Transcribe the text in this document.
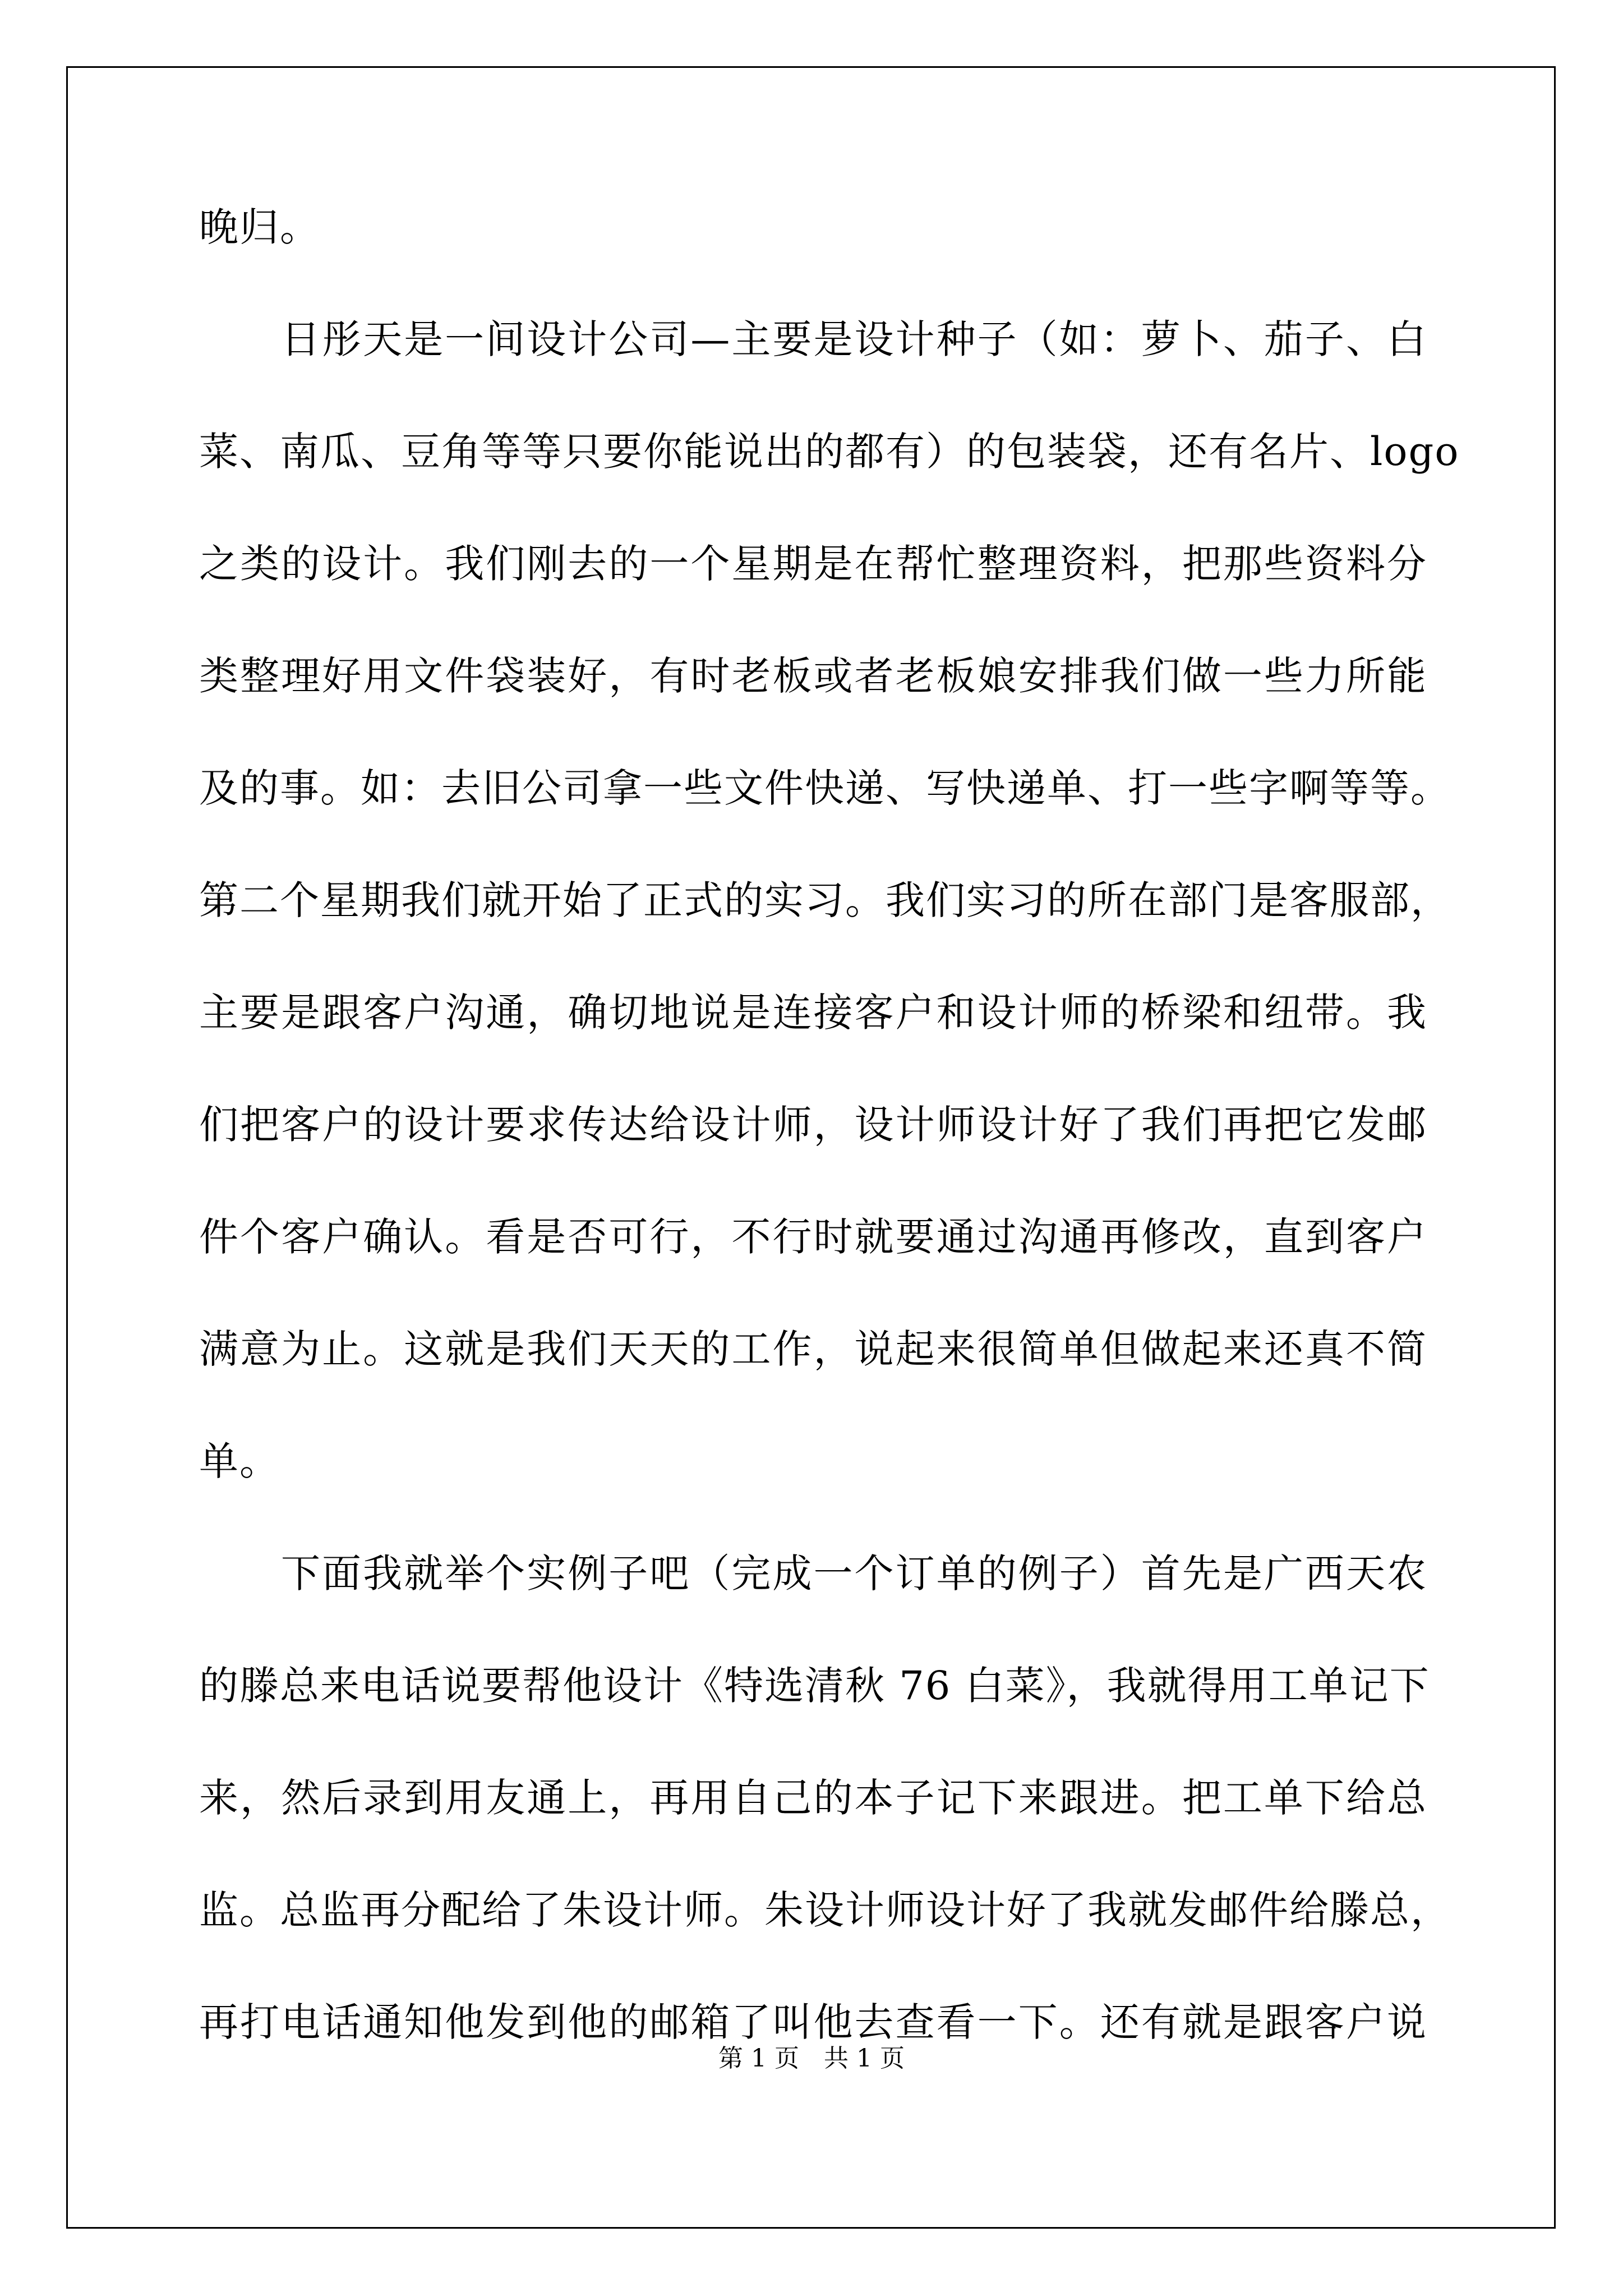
晚归。
日彤天是一间设计公司—主要是设计种子（如：萝卜、茄子、白
菜、南瓜、豆角等等只要你能说出的都有）的包装袋，还有名片、logo
之类的设计。我们刚去的一个星期是在帮忙整理资料，把那些资料分
类整理好用文件袋装好，有时老板或者老板娘安排我们做一些力所能
及的事。如：去旧公司拿一些文件快递、写快递单、打一些字啊等等。
第二个星期我们就开始了正式的实习。我们实习的所在部门是客服部，
主要是跟客户沟通，确切地说是连接客户和设计师的桥梁和纽带。我
们把客户的设计要求传达给设计师，设计师设计好了我们再把它发邮
件个客户确认。看是否可行，不行时就要通过沟通再修改，直到客户
满意为止。这就是我们天天的工作，说起来很简单但做起来还真不简
单。
下面我就举个实例子吧（完成一个订单的例子）首先是广西天农
的滕总来电话说要帮他设计《特选清秋 76 白菜》，我就得用工单记下
来，然后录到用友通上，再用自己的本子记下来跟进。把工单下给总
监。总监再分配给了朱设计师。朱设计师设计好了我就发邮件给滕总，
再打电话通知他发到他的邮箱了叫他去查看一下。还有就是跟客户说
第 1 页　共 1 页
